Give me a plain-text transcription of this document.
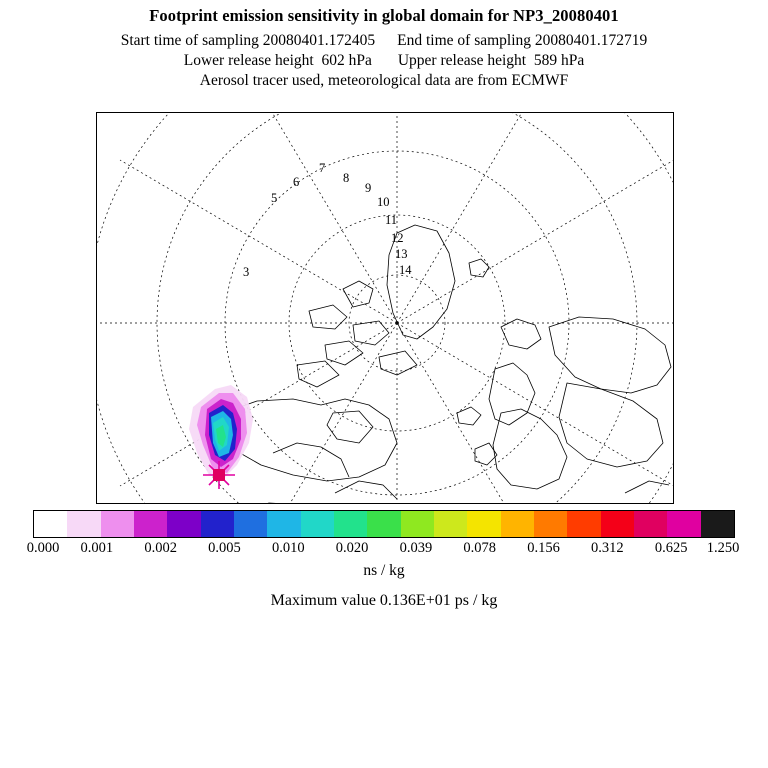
Footprint emission sensitivity in global domain for NP3_20080401
Start time of sampling 20080401.172405 End time of sampling 20080401.172719
Lower release height  602 hPa Upper release height  589 hPa
Aerosol tracer used, meteorological data are from ECMWF
3
5
6
7
8
9
10
11
12
13
14
0.000 0.001 0.002 0.005 0.010 0.020 0.039 0.078 0.156 0.312 0.625 1.250
ns / kg
Maximum value 0.136E+01 ps / kg
